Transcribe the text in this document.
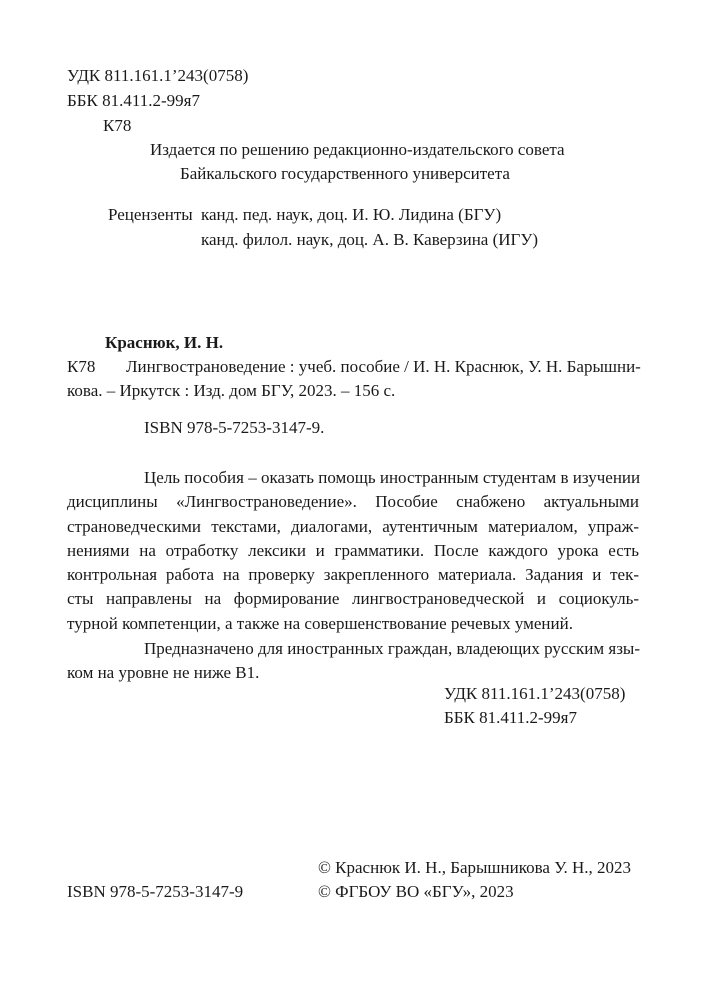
УДК 811.161.1’243(0758)
ББК 81.411.2-99я7
К78
Издается по решению редакционно-издательского совета
Байкальского государственного университета
Рецензенты канд. пед. наук, доц. И. Ю. Лидина (БГУ)
канд. филол. наук, доц. А. В. Каверзина (ИГУ)
Краснюк, И. Н.
К78 Лингвострановедение : учеб. пособие / И. Н. Краснюк, У. Н. Барышни-
кова. – Иркутск : Изд. дом БГУ, 2023. – 156 с.
ISBN 978-5-7253-3147-9.
Цель пособия – оказать помощь иностранным студентам в изучении
дисциплины «Лингвострановедение». Пособие снабжено актуальными
страноведческими текстами, диалогами, аутентичным материалом, упраж-
нениями на отработку лексики и грамматики. После каждого урока есть
контрольная работа на проверку закрепленного материала. Задания и тек-
сты направлены на формирование лингвострановедческой и социокуль-
турной компетенции, а также на совершенствование речевых умений.
Предназначено для иностранных граждан, владеющих русским язы-
ком на уровне не ниже В1.
УДК 811.161.1’243(0758)
ББК 81.411.2-99я7
© Краснюк И. Н., Барышникова У. Н., 2023
ISBN 978-5-7253-3147-9	© ФГБОУ ВО «БГУ», 2023
